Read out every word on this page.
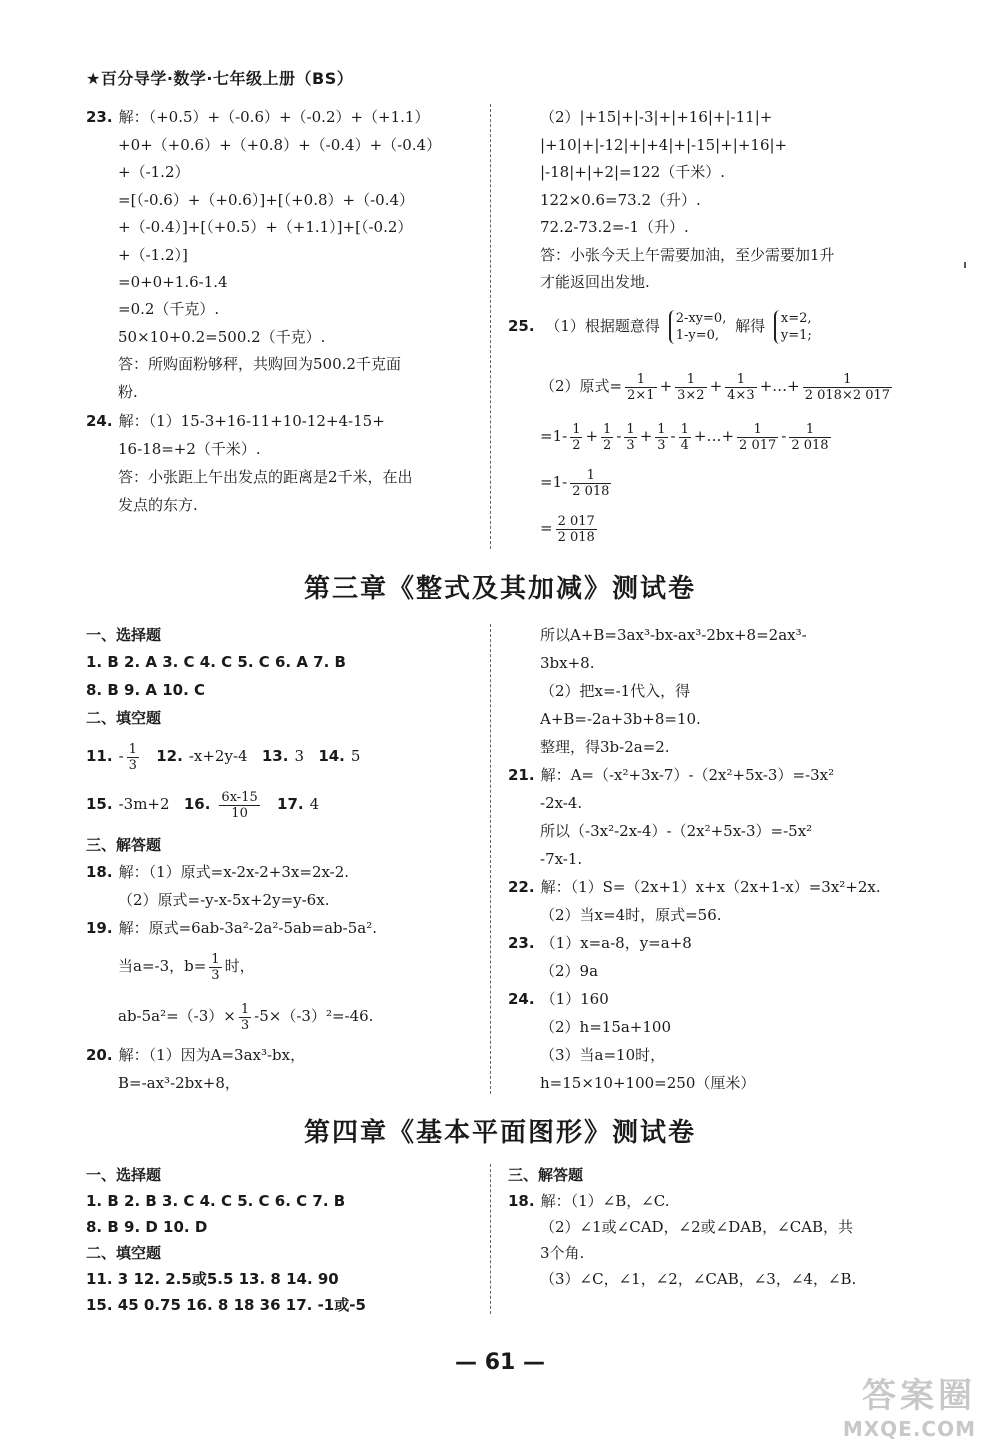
★百分导学·数学·七年级上册（BS）
23. 解：（+0.5）+（-0.6）+（-0.2）+（+1.1）
+0+（+0.6）+（+0.8）+（-0.4）+（-0.4）
+（-1.2）
=[（-0.6）+（+0.6）]+[（+0.8）+（-0.4）
+（-0.4）]+[（+0.5）+（+1.1）]+[（-0.2）
+（-1.2）]
=0+0+1.6-1.4
=0.2（千克）.
50×10+0.2=500.2（千克）.
答：所购面粉够秤，共购回为500.2千克面
粉.
24. 解：（1）15-3+16-11+10-12+4-15+
16-18=+2（千米）.
答：小张距上午出发点的距离是2千米，在出
发点的东方.
（2）|+15|+|-3|+|+16|+|-11|+
|+10|+|-12|+|+4|+|-15|+|+16|+
|-18|+|+2|=122（千米）.
122×0.6=73.2（升）.
72.2-73.2=-1（升）.
答：小张今天上午需要加油，至少需要加1升
才能返回出发地.
25. （1）根据题意得 2-xy=0,
1-y=0, 解得 x=2,
y=1;
（2）原式= $\frac{1}{2\times 1} + \frac{1}{3\times 2} + \frac{1}{4\times 3}$ +…+ $\frac{1}{2 018\times 2 017}$
$=1- \frac{1}{2} + \frac{1}{2} - \frac{1}{3} + \frac{1}{3} - \frac{1}{4}$ +…+ $\frac{1}{2 017} - \frac{1}{2 018}$
$=1- \frac{1}{2 018}$
= $\frac{2 017}{2 018}$
第三章《整式及其加减》测试卷
一、选择题
1. B 2. A 3. C 4. C 5. C 6. A 7. B
8. B 9. A 10. C
二、填空题
11. - $\frac{1}{3} 12$. -x+2y-4 13. 3 14. 5
15. -3m+2 16. $\frac{6x-15}{10} 17$. 4
三、解答题
18. 解：（1）原式=x-2x-2+3x=2x-2.
（2）原式=-y-x-5x+2y=y-6x.
19. 解：原式=6ab-3a²-2a²-5ab=ab-5a².
当a=-3，$b= \frac{1}{3}$ 时，
$ab-5a^2=(-3)\times \frac{1}{3} -5\times(-3)^2=-46$.
20. 解：（1）因为A=3ax³-bx，
B=-ax³-2bx+8，
所以A+B=3ax³-bx-ax³-2bx+8=2ax³-
3bx+8.
（2）把x=-1代入，得
A+B=-2a+3b+8=10.
整理，得3b-2a=2.
21. 解：A=（-x²+3x-7）-（2x²+5x-3）=-3x²
-2x-4.
所以（-3x²-2x-4）-（2x²+5x-3）=-5x²
-7x-1.
22. 解：（1）S=（2x+1）x+x（2x+1-x）=3x²+2x.
（2）当x=4时，原式=56.
23. （1）x=a-8，y=a+8
（2）9a
24. （1）160
（2）h=15a+100
（3）当a=10时，
h=15×10+100=250（厘米）
第四章《基本平面图形》测试卷
一、选择题
1. B 2. B 3. C 4. C 5. C 6. C 7. B
8. B 9. D 10. D
二、填空题
11. 3 12. 2.5或5.5 13. 8 14. 90
15. 45 0.75 16. 8 18 36 17. -1或-5
三、解答题
18. 解：（1）∠B，∠C.
（2）∠1或∠CAD，∠2或∠DAB，∠CAB，共
3个角.
（3）∠C，∠1，∠2，∠CAB，∠3，∠4，∠B.
— 61 —
答案圈
MXQE.COM
